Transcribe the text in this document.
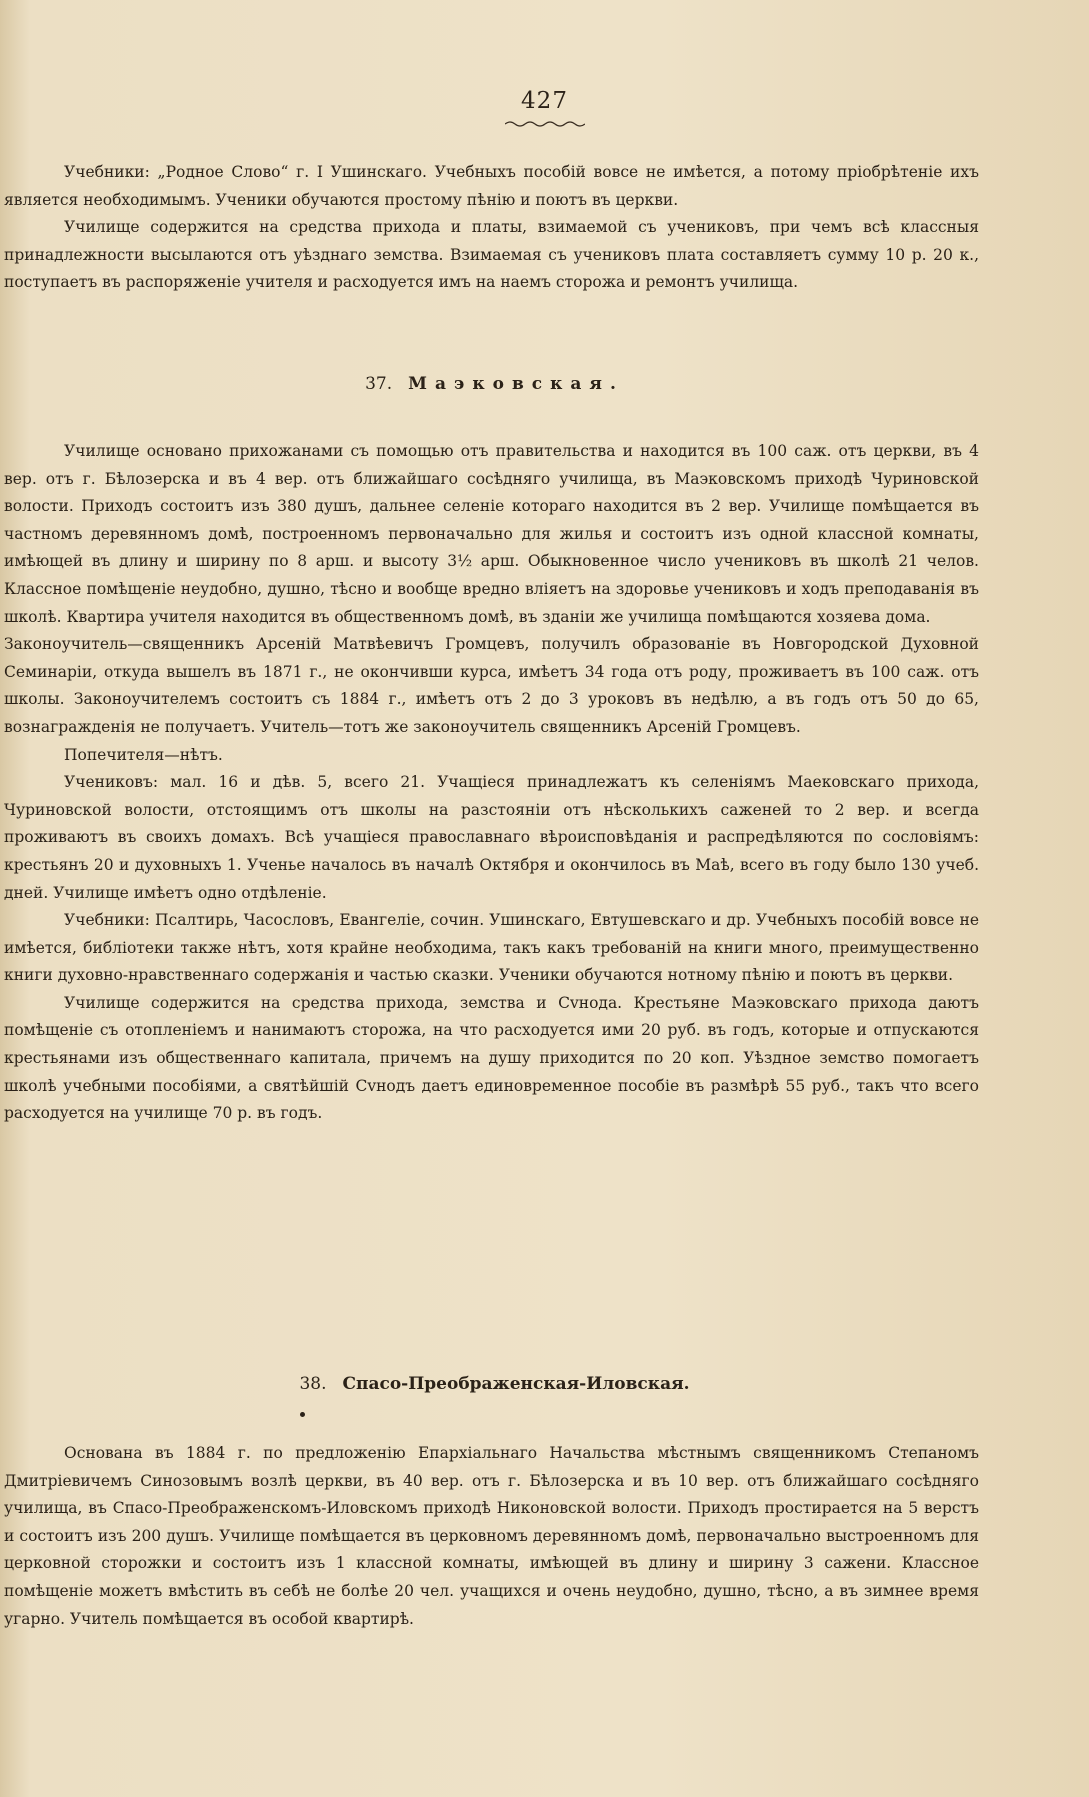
427

Учебники: „Родное Слово“ г. I Ушинскаго. Учебныхъ пособій вовсе не имѣется, а потому пріобрѣтеніе ихъ является необходимымъ. Ученики обучаются простому пѣнію и поютъ въ церкви.

Училище содержится на средства прихода и платы, взимаемой съ учениковъ, при чемъ всѣ классныя принадлежности высылаются отъ уѣзднаго земства. Взимаемая съ учениковъ плата составляетъ сумму 10 р. 20 к., поступаетъ въ распоряженіе учителя и расходуется имъ на наемъ сторожа и ремонтъ училища.

37. Маэковская.

Училище основано прихожанами съ помощью отъ правительства и находится въ 100 саж. отъ церкви, въ 4 вер. отъ г. Бѣлозерска и въ 4 вер. отъ ближайшаго сосѣдняго училища, въ Маэковскомъ приходѣ Чуриновской волости. Приходъ состоитъ изъ 380 душъ, дальнее селеніе котораго находится въ 2 вер. Училище помѣщается въ частномъ деревянномъ домѣ, построенномъ первоначально для жилья и состоитъ изъ одной классной комнаты, имѣющей въ длину и ширину по 8 арш. и высоту 3½ арш. Обыкновенное число учениковъ въ школѣ 21 челов. Классное помѣщеніе неудобно, душно, тѣсно и вообще вредно вліяетъ на здоровье учениковъ и ходъ преподаванія въ школѣ. Квартира учителя находится въ общественномъ домѣ, въ зданіи же училища помѣщаются хозяева дома.

Законоучитель—священникъ Арсеній Матвѣевичъ Громцевъ, получилъ образованіе въ Новгородской Духовной Семинаріи, откуда вышелъ въ 1871 г., не окончивши курса, имѣетъ 34 года отъ роду, проживаетъ въ 100 саж. отъ школы. Законоучителемъ состоитъ съ 1884 г., имѣетъ отъ 2 до 3 уроковъ въ недѣлю, а въ годъ отъ 50 до 65, вознагражденія не получаетъ. Учитель—тотъ же законоучитель священникъ Арсеній Громцевъ.

Попечителя—нѣтъ.

Учениковъ: мал. 16 и дѣв. 5, всего 21. Учащіеся принадлежатъ къ селеніямъ Маековскаго прихода, Чуриновской волости, отстоящимъ отъ школы на разстояніи отъ нѣсколькихъ саженей то 2 вер. и всегда проживаютъ въ своихъ домахъ. Всѣ учащіеся православнаго вѣроисповѣданія и распредѣляются по сословіямъ: крестьянъ 20 и духовныхъ 1. Ученье началось въ началѣ Октября и окончилось въ Маѣ, всего въ году было 130 учеб. дней. Училище имѣетъ одно отдѣленіе.

Учебники: Псалтирь, Часословъ, Евангеліе, сочин. Ушинскаго, Евтушевскаго и др. Учебныхъ пособій вовсе не имѣется, библіотеки также нѣтъ, хотя крайне необходима, такъ какъ требованій на книги много, преимущественно книги духовно-нравственнаго содержанія и частью сказки. Ученики обучаются нотному пѣнію и поютъ въ церкви.

Училище содержится на средства прихода, земства и Сvнода. Крестьяне Маэковскаго прихода даютъ помѣщеніе съ отопленіемъ и нанимаютъ сторожа, на что расходуется ими 20 руб. въ годъ, которые и отпускаются крестьянами изъ общественнаго капитала, причемъ на душу приходится по 20 коп. Уѣздное земство помогаетъ школѣ учебными пособіями, а святѣйшій Сvнодъ даетъ единовременное пособіе въ размѣрѣ 55 руб., такъ что всего расходуется на училище 70 р. въ годъ.

38. Спасо-Преображенская-Иловская.

Основана въ 1884 г. по предложенію Епархіальнаго Начальства мѣстнымъ священникомъ Степаномъ Дмитріевичемъ Синозовымъ возлѣ церкви, въ 40 вер. отъ г. Бѣлозерска и въ 10 вер. отъ ближайшаго сосѣдняго училища, въ Спасо-Преображенскомъ-Иловскомъ приходѣ Никоновской волости. Приходъ простирается на 5 верстъ и состоитъ изъ 200 душъ. Училище помѣщается въ церковномъ деревянномъ домѣ, первоначально выстроенномъ для церковной сторожки и состоитъ изъ 1 классной комнаты, имѣющей въ длину и ширину 3 сажени. Классное помѣщеніе можетъ вмѣстить въ себѣ не болѣе 20 чел. учащихся и очень неудобно, душно, тѣсно, а въ зимнее время угарно. Учитель помѣщается въ особой квартирѣ.
